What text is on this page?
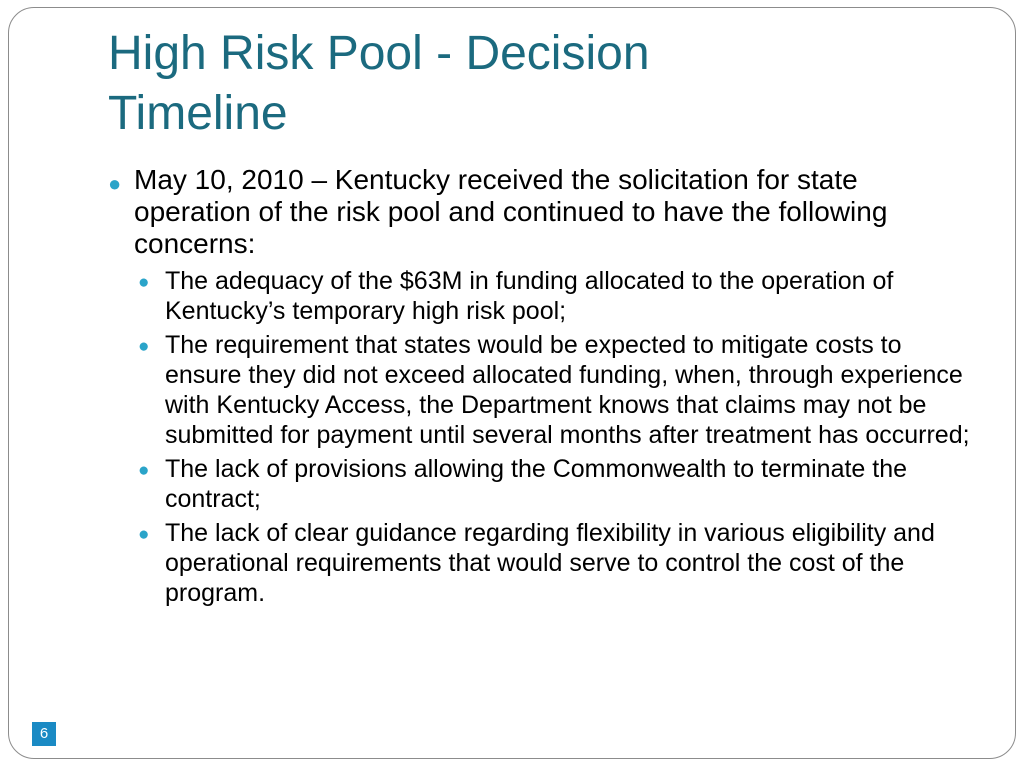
High Risk Pool - Decision
Timeline
● May 10, 2010 – Kentucky received the solicitation for state operation of the risk pool and continued to have the following concerns:
● The adequacy of the $63M in funding allocated to the operation of Kentucky’s temporary high risk pool;
● The requirement that states would be expected to mitigate costs to ensure they did not exceed allocated funding, when, through experience with Kentucky Access, the Department knows that claims may not be submitted for payment until several months after treatment has occurred;
● The lack of provisions allowing the Commonwealth to terminate the contract;
● The lack of clear guidance regarding flexibility in various eligibility and operational requirements that would serve to control the cost of the program.
6
